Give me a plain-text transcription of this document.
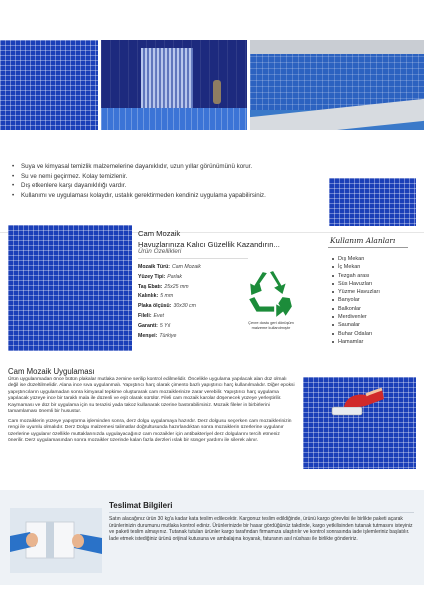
• Suya ve kimyasal temizlik malzemelerine dayanıklıdır, uzun yıllar görünümünü korur.
• Su ve nemi geçirmez. Kolay temizlenir.
• Dış etkenlere karşı dayanıklılığı vardır.
• Kullanımı ve uygulaması kolaydır, ustalık gerektirmeden kendiniz uygulama yapabilirsiniz.
Cam Mozaik
Havuzlarınıza Kalıcı Güzellik Kazandırın...
Ürün Özellikleri
Mozaik Türü: Cam Mozaik
Yüzey Tipi: Parlak
Taş Ebatı: 25x25 mm
Kalınlık: 5 mm
Plaka ölçüsü: 30x30 cm
Fileli: Evet
Garanti: 5 Yıl
Menşei: Türkiye
Çevre dostu geri dönüşüm
malzeme kullanılmıştır
Kullanım Alanları
Dış Mekan
İç Mekan
Tezgah arası
Süs Havuzları
Yüzme Havuzları
Banyolar
Balkonlar
Merdivenler
Saunalar
Buhar Odaları
Hamamlar
Cam Mozaik Uygulaması

Ürün uygulanmadan önce bütün plakalar mutlaka zemine serilip kontrol edilmelidir. Öncelikle uygulama yapılacak alan düz olmalı değil ise düzeltilmelidir. Alana ince sıva uygulanmalı. Yapıştırıcı harç olarak çimento bazlı yapıştırıcı harç kullanılmalıdır. Diğer epoksi yapıştırıcıların uygulamadan sonra kimyasal tepkime oluşturarak cam mozaiklerinize zarar verebilir. Yapıştırıcı harç uygulama yapılacak yüzeye ince bir taraklı mala ile düzenli ve eşit olarak sürülür. Fileli cam mozaik karolar döşenecek yüzeye yerleştirilir. Kaymaması ve düz bir uygulama için su terazisi yada takoz kullanarak üzerine bastırabilirsiniz. Mozaik fileler in birbirlerini tamamlaması önemli bir husustur.

Cam mozaiklerin yüzeye yapıştırma işleminden sonra, derz dolgu uygulamaya hazırdır. Derz dolgusu seçerken cam mozaiklerinizin rengi ile uyumlu olmalıdır. Derz Dolgu malzemesi talimatlar doğrultusunda hazırlandıktan sonra mozaiklerin üzerlerine uygulanır üzerlerine uygulanır özellikle muttaklarınızda uygulayacağınız cam mozaikler için antibakteriyel derz dolgularını tercih etmeniz önerilir. Derz uygulamasından sonra mozaikler üzerinde kalan fazla derzleri ıslak bir sünger yardımı ile silerek alınır.

Teslimat Bilgileri
Satın alacağınız ürün 30 kg'a kadar kata teslim edilecektir. Kargonuz teslim edildiğinde, ürünü kargo görevlisi ile birlikte paketi açarak ürünlerinizin durumunu mutlaka kontrol ediniz. Ürünlerinizde bir hasar gördüğünüz takdirde, kargo yetkilisinden tutanak tutmasını isteyiniz ve paketi teslim almayınız. Tutanak tutulan ürünler kargo tarafından firmamıza ulaştırılır ve kontrol sonrasında iade işlemleriniz başlatılır. İade etmek istediğiniz ürünü orijinal kutusuna ve ambalajına koyarak, faturanın asıl nüshası ile birlikte göndeririz.
